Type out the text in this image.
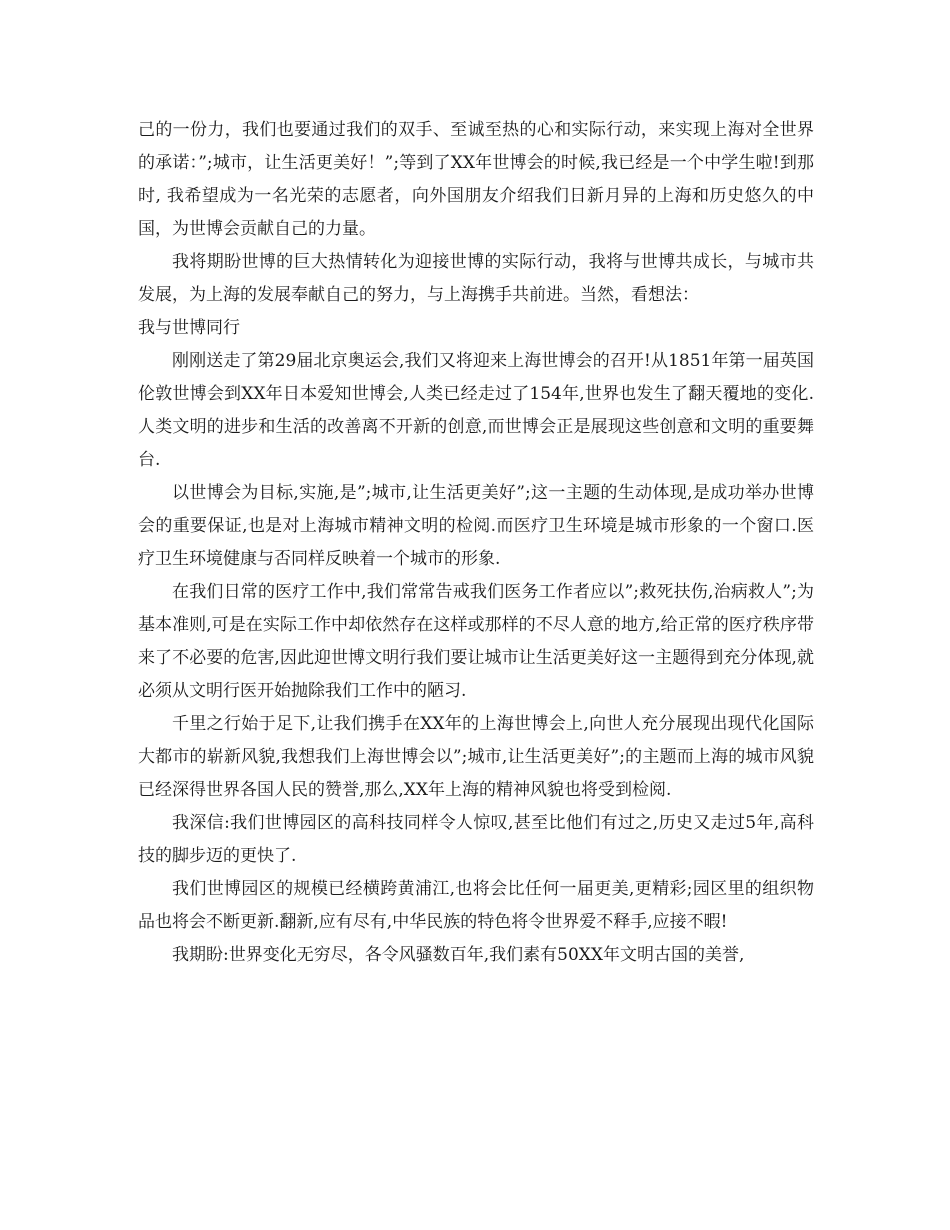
己的一份力，我们也要通过我们的双手、至诚至热的心和实际行动，来实现上海对全世界的承诺：”;城市，让生活更美好！”;等到了XX年世博会的时候,我已经是一个中学生啦!到那时, 我希望成为一名光荣的志愿者，向外国朋友介绍我们日新月异的上海和历史悠久的中国，为世博会贡献自己的力量。

我将期盼世博的巨大热情转化为迎接世博的实际行动，我将与世博共成长，与城市共发展，为上海的发展奉献自己的努力，与上海携手共前进。当然，看想法：

我与世博同行

刚刚送走了第29届北京奥运会,我们又将迎来上海世博会的召开!从1851年第一届英国伦敦世博会到XX年日本爱知世博会,人类已经走过了154年,世界也发生了翻天覆地的变化.人类文明的进步和生活的改善离不开新的创意,而世博会正是展现这些创意和文明的重要舞台.

以世博会为目标,实施,是”;城市,让生活更美好”;这一主题的生动体现,是成功举办世博会的重要保证,也是对上海城市精神文明的检阅.而医疗卫生环境是城市形象的一个窗口.医疗卫生环境健康与否同样反映着一个城市的形象.

在我们日常的医疗工作中,我们常常告戒我们医务工作者应以”;救死扶伤,治病救人”;为基本准则,可是在实际工作中却依然存在这样或那样的不尽人意的地方,给正常的医疗秩序带来了不必要的危害,因此迎世博文明行我们要让城市让生活更美好这一主题得到充分体现,就必须从文明行医开始抛除我们工作中的陋习.

千里之行始于足下,让我们携手在XX年的上海世博会上,向世人充分展现出现代化国际大都市的崭新风貌,我想我们上海世博会以”;城市,让生活更美好”;的主题而上海的城市风貌已经深得世界各国人民的赞誉,那么,XX年上海的精神风貌也将受到检阅.

我深信:我们世博园区的高科技同样令人惊叹,甚至比他们有过之,历史又走过5年,高科技的脚步迈的更快了.

我们世博园区的规模已经横跨黄浦江,也将会比任何一届更美,更精彩;园区里的组织物品也将会不断更新.翻新,应有尽有,中华民族的特色将令世界爱不释手,应接不暇!

我期盼:世界变化无穷尽，各令风骚数百年,我们素有50XX年文明古国的美誉,
